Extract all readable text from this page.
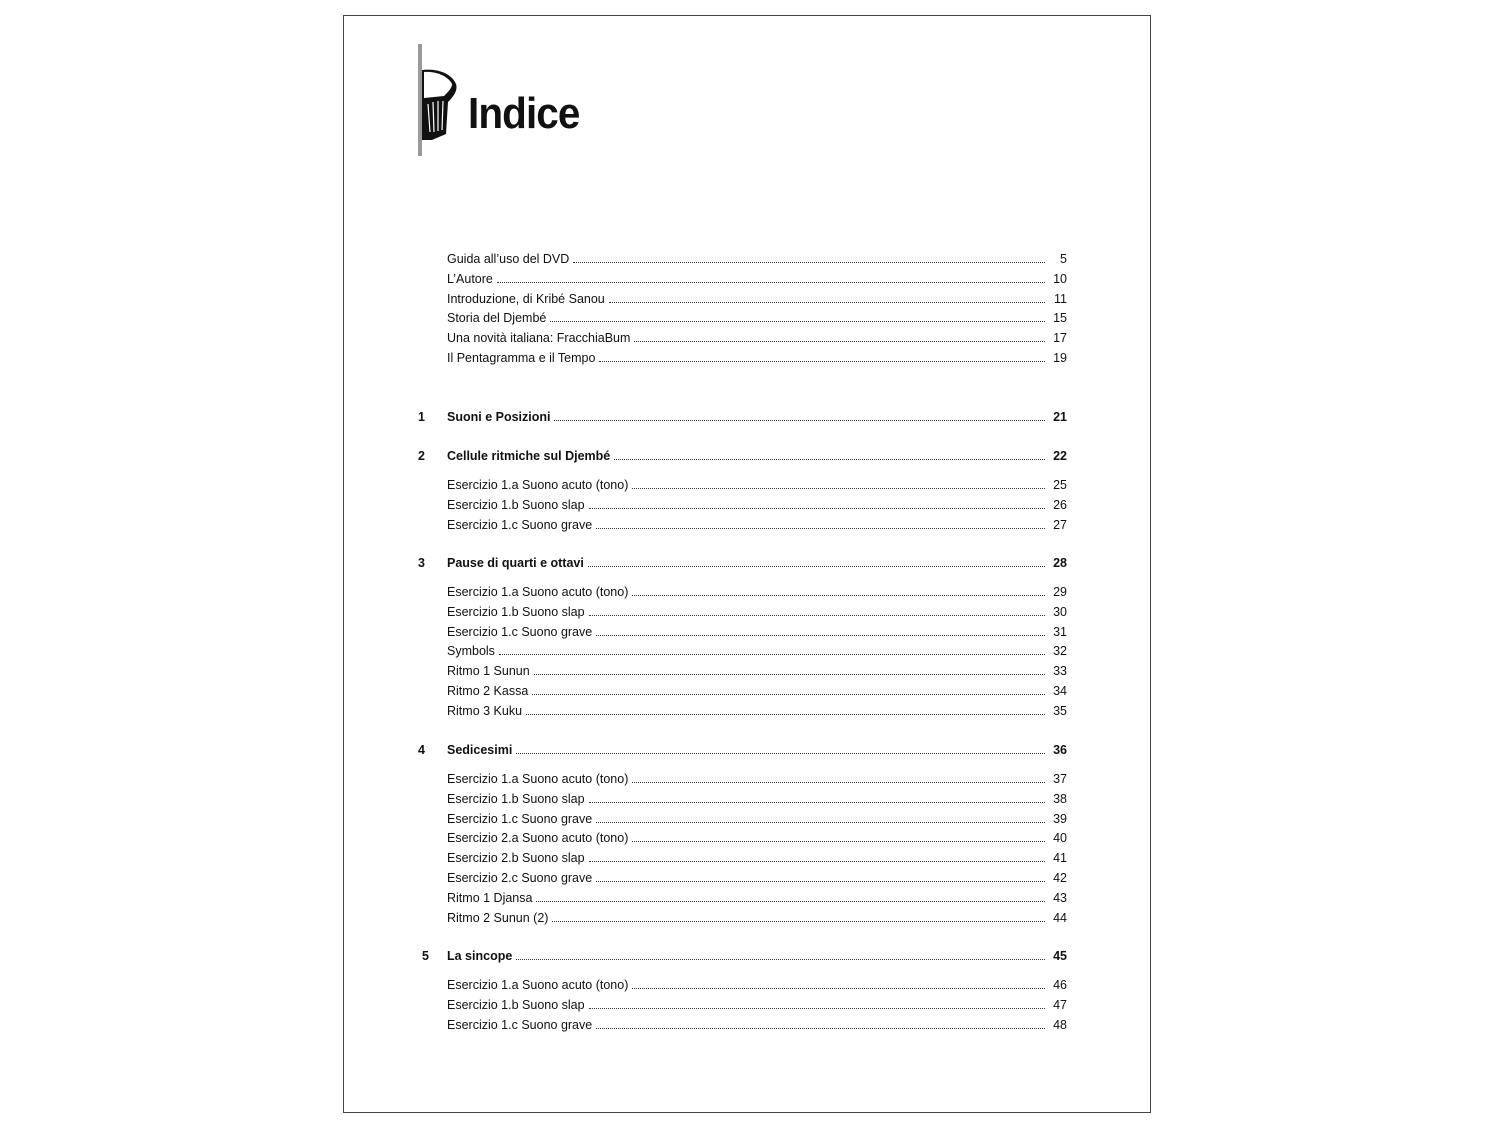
Indice
Guida all’uso del DVD	5
L’Autore	10
Introduzione, di Kribé Sanou	11
Storia del Djembé	15
Una novità italiana: FracchiaBum	17
Il Pentagramma e il Tempo	19
1	Suoni e Posizioni	21
2	Cellule ritmiche sul Djembé	22
Esercizio 1.a Suono acuto (tono)	25
Esercizio 1.b Suono slap	26
Esercizio 1.c Suono grave	27
3	Pause di quarti e ottavi	28
Esercizio 1.a Suono acuto (tono)	29
Esercizio 1.b Suono slap	30
Esercizio 1.c Suono grave	31
Symbols	32
Ritmo 1 Sunun	33
Ritmo 2 Kassa	34
Ritmo 3 Kuku	35
4	Sedicesimi	36
Esercizio 1.a Suono acuto (tono)	37
Esercizio 1.b Suono slap	38
Esercizio 1.c Suono grave	39
Esercizio 2.a Suono acuto (tono)	40
Esercizio 2.b Suono slap	41
Esercizio 2.c Suono grave	42
Ritmo 1 Djansa	43
Ritmo 2 Sunun (2)	44
5	La sincope	45
Esercizio 1.a Suono acuto (tono)	46
Esercizio 1.b Suono slap	47
Esercizio 1.c Suono grave	48
